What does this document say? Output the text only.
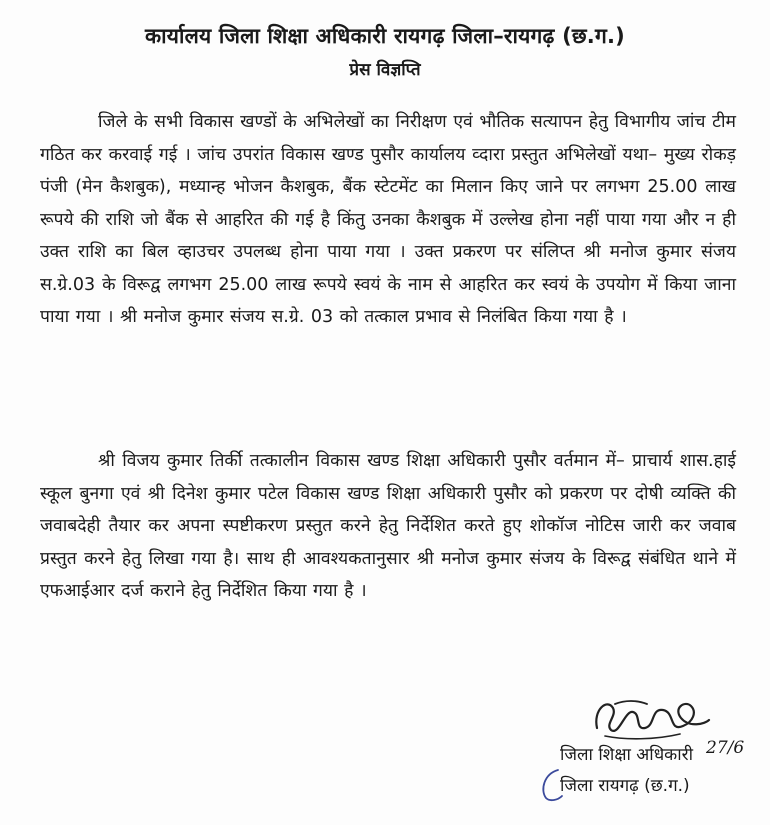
कार्यालय जिला शिक्षा अधिकारी रायगढ़ जिला–रायगढ़ (छ.ग.)
प्रेस विज्ञप्ति

जिले के सभी विकास खण्डों के अभिलेखों का निरीक्षण एवं भौतिक सत्यापन हेतु विभागीय जांच टीम गठित कर करवाई गई । जांच उपरांत विकास खण्ड पुसौर कार्यालय व्दारा प्रस्तुत अभिलेखों यथा– मुख्य रोकड़ पंजी (मेन कैशबुक), मध्यान्ह भोजन कैशबुक, बैंक स्टेटमेंट का मिलान किए जाने पर लगभग 25.00 लाख रूपये की राशि जो बैंक से आहरित की गई है किंतु उनका कैशबुक में उल्लेख होना नहीं पाया गया और न ही उक्त राशि का बिल व्हाउचर उपलब्ध होना पाया गया । उक्त प्रकरण पर संलिप्त श्री मनोज कुमार संजय स.ग्रे.03 के विरूद्व लगभग 25.00 लाख रूपये स्वयं के नाम से आहरित कर स्वयं के उपयोग में किया जाना पाया गया । श्री मनोज कुमार संजय स.ग्रे. 03 को तत्काल प्रभाव से निलंबित किया गया है ।

श्री विजय कुमार तिर्की तत्कालीन विकास खण्ड शिक्षा अधिकारी पुसौर वर्तमान में– प्राचार्य शास.हाई स्कूल बुनगा एवं श्री दिनेश कुमार पटेल विकास खण्ड शिक्षा अधिकारी पुसौर को प्रकरण पर दोषी व्यक्ति की जवाबदेही तैयार कर अपना स्पष्टीकरण प्रस्तुत करने हेतु निर्देशित करते हुए शोकॉज नोटिस जारी कर जवाब प्रस्तुत करने हेतु लिखा गया है। साथ ही आवश्यकतानुसार श्री मनोज कुमार संजय के विरूद्व संबंधित थाने में एफआईआर दर्ज कराने हेतु निर्देशित किया गया है ।

जिला शिक्षा अधिकारी 27/6
जिला रायगढ़ (छ.ग.)
